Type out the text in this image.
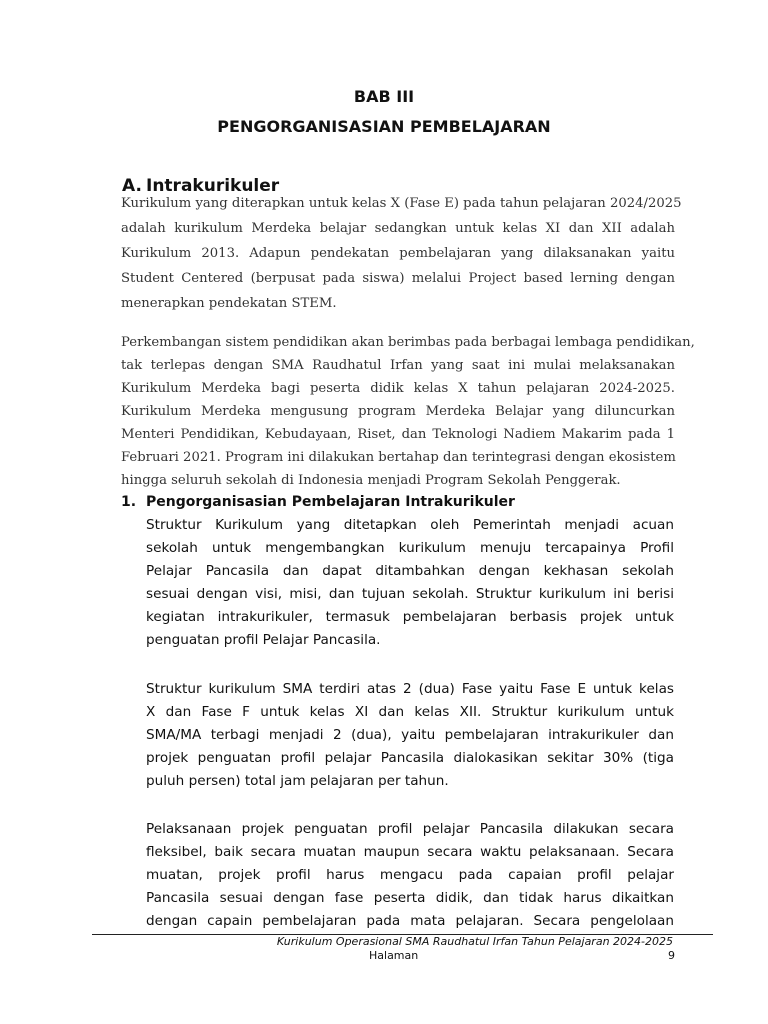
BAB III
PENGORGANISASIAN PEMBELAJARAN
A. Intrakurikuler
Kurikulum yang diterapkan untuk kelas X (Fase E) pada tahun pelajaran 2024/2025
adalah kurikulum Merdeka belajar sedangkan untuk kelas XI dan XII adalah
Kurikulum 2013. Adapun pendekatan pembelajaran yang dilaksanakan yaitu
Student Centered (berpusat pada siswa) melalui Project based lerning dengan
menerapkan pendekatan STEM.
Perkembangan sistem pendidikan akan berimbas pada berbagai lembaga pendidikan,
tak terlepas dengan SMA Raudhatul Irfan yang saat ini mulai melaksanakan
Kurikulum Merdeka bagi peserta didik kelas X tahun pelajaran 2024-2025.
Kurikulum Merdeka mengusung program Merdeka Belajar yang diluncurkan
Menteri Pendidikan, Kebudayaan, Riset, dan Teknologi Nadiem Makarim pada 1
Februari 2021. Program ini dilakukan bertahap dan terintegrasi dengan ekosistem
hingga seluruh sekolah di Indonesia menjadi Program Sekolah Penggerak.
1. Pengorganisasian Pembelajaran Intrakurikuler
Struktur Kurikulum yang ditetapkan oleh Pemerintah menjadi acuan
sekolah untuk mengembangkan kurikulum menuju tercapainya Profil
Pelajar Pancasila dan dapat ditambahkan dengan kekhasan sekolah
sesuai dengan visi, misi, dan tujuan sekolah. Struktur kurikulum ini berisi
kegiatan intrakurikuler, termasuk pembelajaran berbasis projek untuk
penguatan profil Pelajar Pancasila.
Struktur kurikulum SMA terdiri atas 2 (dua) Fase yaitu Fase E untuk kelas
X dan Fase F untuk kelas XI dan kelas XII. Struktur kurikulum untuk
SMA/MA terbagi menjadi 2 (dua), yaitu pembelajaran intrakurikuler dan
projek penguatan profil pelajar Pancasila dialokasikan sekitar 30% (tiga
puluh persen) total jam pelajaran per tahun.
Pelaksanaan projek penguatan profil pelajar Pancasila dilakukan secara
fleksibel, baik secara muatan maupun secara waktu pelaksanaan. Secara
muatan, projek profil harus mengacu pada capaian profil pelajar
Pancasila sesuai dengan fase peserta didik, dan tidak harus dikaitkan
dengan capain pembelajaran pada mata pelajaran. Secara pengelolaan
Kurikulum Operasional SMA Raudhatul Irfan Tahun Pelajaran 2024-2025
Halaman	9
